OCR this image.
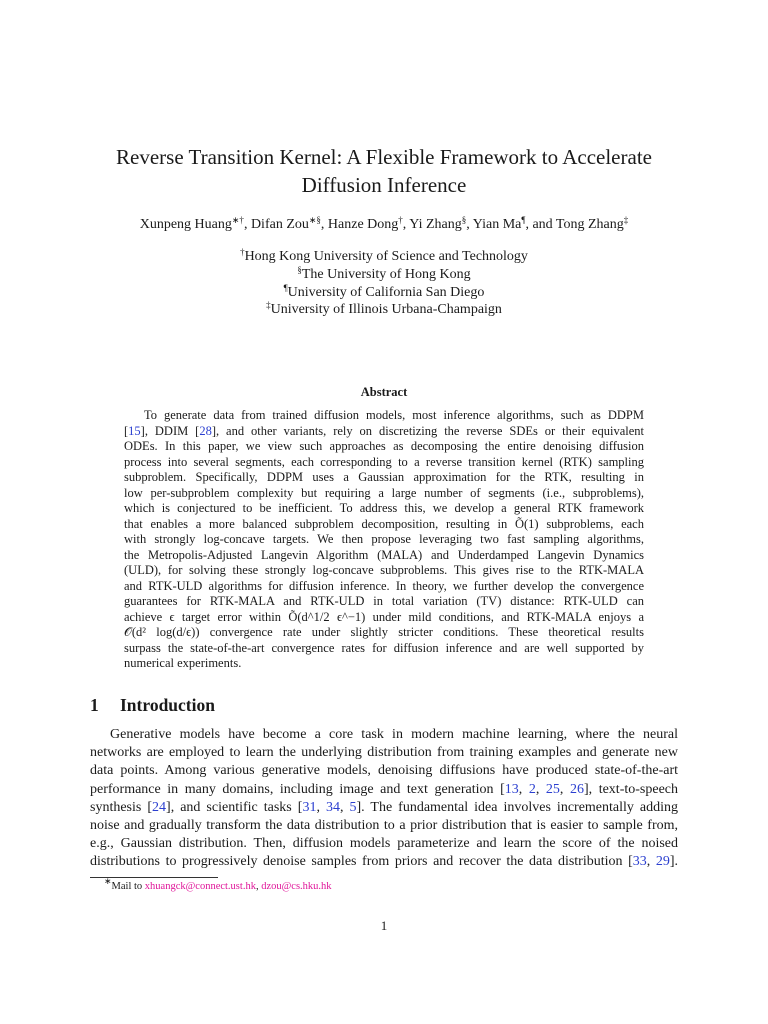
Reverse Transition Kernel: A Flexible Framework to Accelerate
Diffusion Inference
Xunpeng Huang∗†, Difan Zou∗§, Hanze Dong†, Yi Zhang§, Yian Ma¶, and Tong Zhang‡
†Hong Kong University of Science and Technology
§The University of Hong Kong
¶University of California San Diego
‡University of Illinois Urbana-Champaign
Abstract
To generate data from trained diffusion models, most inference algorithms, such as DDPM
[15], DDIM [28], and other variants, rely on discretizing the reverse SDEs or their equivalent
ODEs. In this paper, we view such approaches as decomposing the entire denoising diffusion
process into several segments, each corresponding to a reverse transition kernel (RTK) sampling
subproblem. Specifically, DDPM uses a Gaussian approximation for the RTK, resulting in
low per-subproblem complexity but requiring a large number of segments (i.e., subproblems),
which is conjectured to be inefficient. To address this, we develop a general RTK framework
that enables a more balanced subproblem decomposition, resulting in Õ(1) subproblems, each
with strongly log-concave targets. We then propose leveraging two fast sampling algorithms,
the Metropolis-Adjusted Langevin Algorithm (MALA) and Underdamped Langevin Dynamics
(ULD), for solving these strongly log-concave subproblems. This gives rise to the RTK-MALA
and RTK-ULD algorithms for diffusion inference. In theory, we further develop the convergence
guarantees for RTK-MALA and RTK-ULD in total variation (TV) distance: RTK-ULD can
achieve ϵ target error within Õ(d^1/2 ϵ^−1) under mild conditions, and RTK-MALA enjoys a
𝒪(d² log(d/ϵ)) convergence rate under slightly stricter conditions. These theoretical results
surpass the state-of-the-art convergence rates for diffusion inference and are well supported by
numerical experiments.
1 Introduction
Generative models have become a core task in modern machine learning, where the neural
networks are employed to learn the underlying distribution from training examples and generate new
data points. Among various generative models, denoising diffusions have produced state-of-the-art
performance in many domains, including image and text generation [13, 2, 25, 26], text-to-speech
synthesis [24], and scientific tasks [31, 34, 5]. The fundamental idea involves incrementally adding
noise and gradually transform the data distribution to a prior distribution that is easier to sample from,
e.g., Gaussian distribution. Then, diffusion models parameterize and learn the score of the noised
distributions to progressively denoise samples from priors and recover the data distribution [33, 29].
∗Mail to xhuangck@connect.ust.hk, dzou@cs.hku.hk
1
